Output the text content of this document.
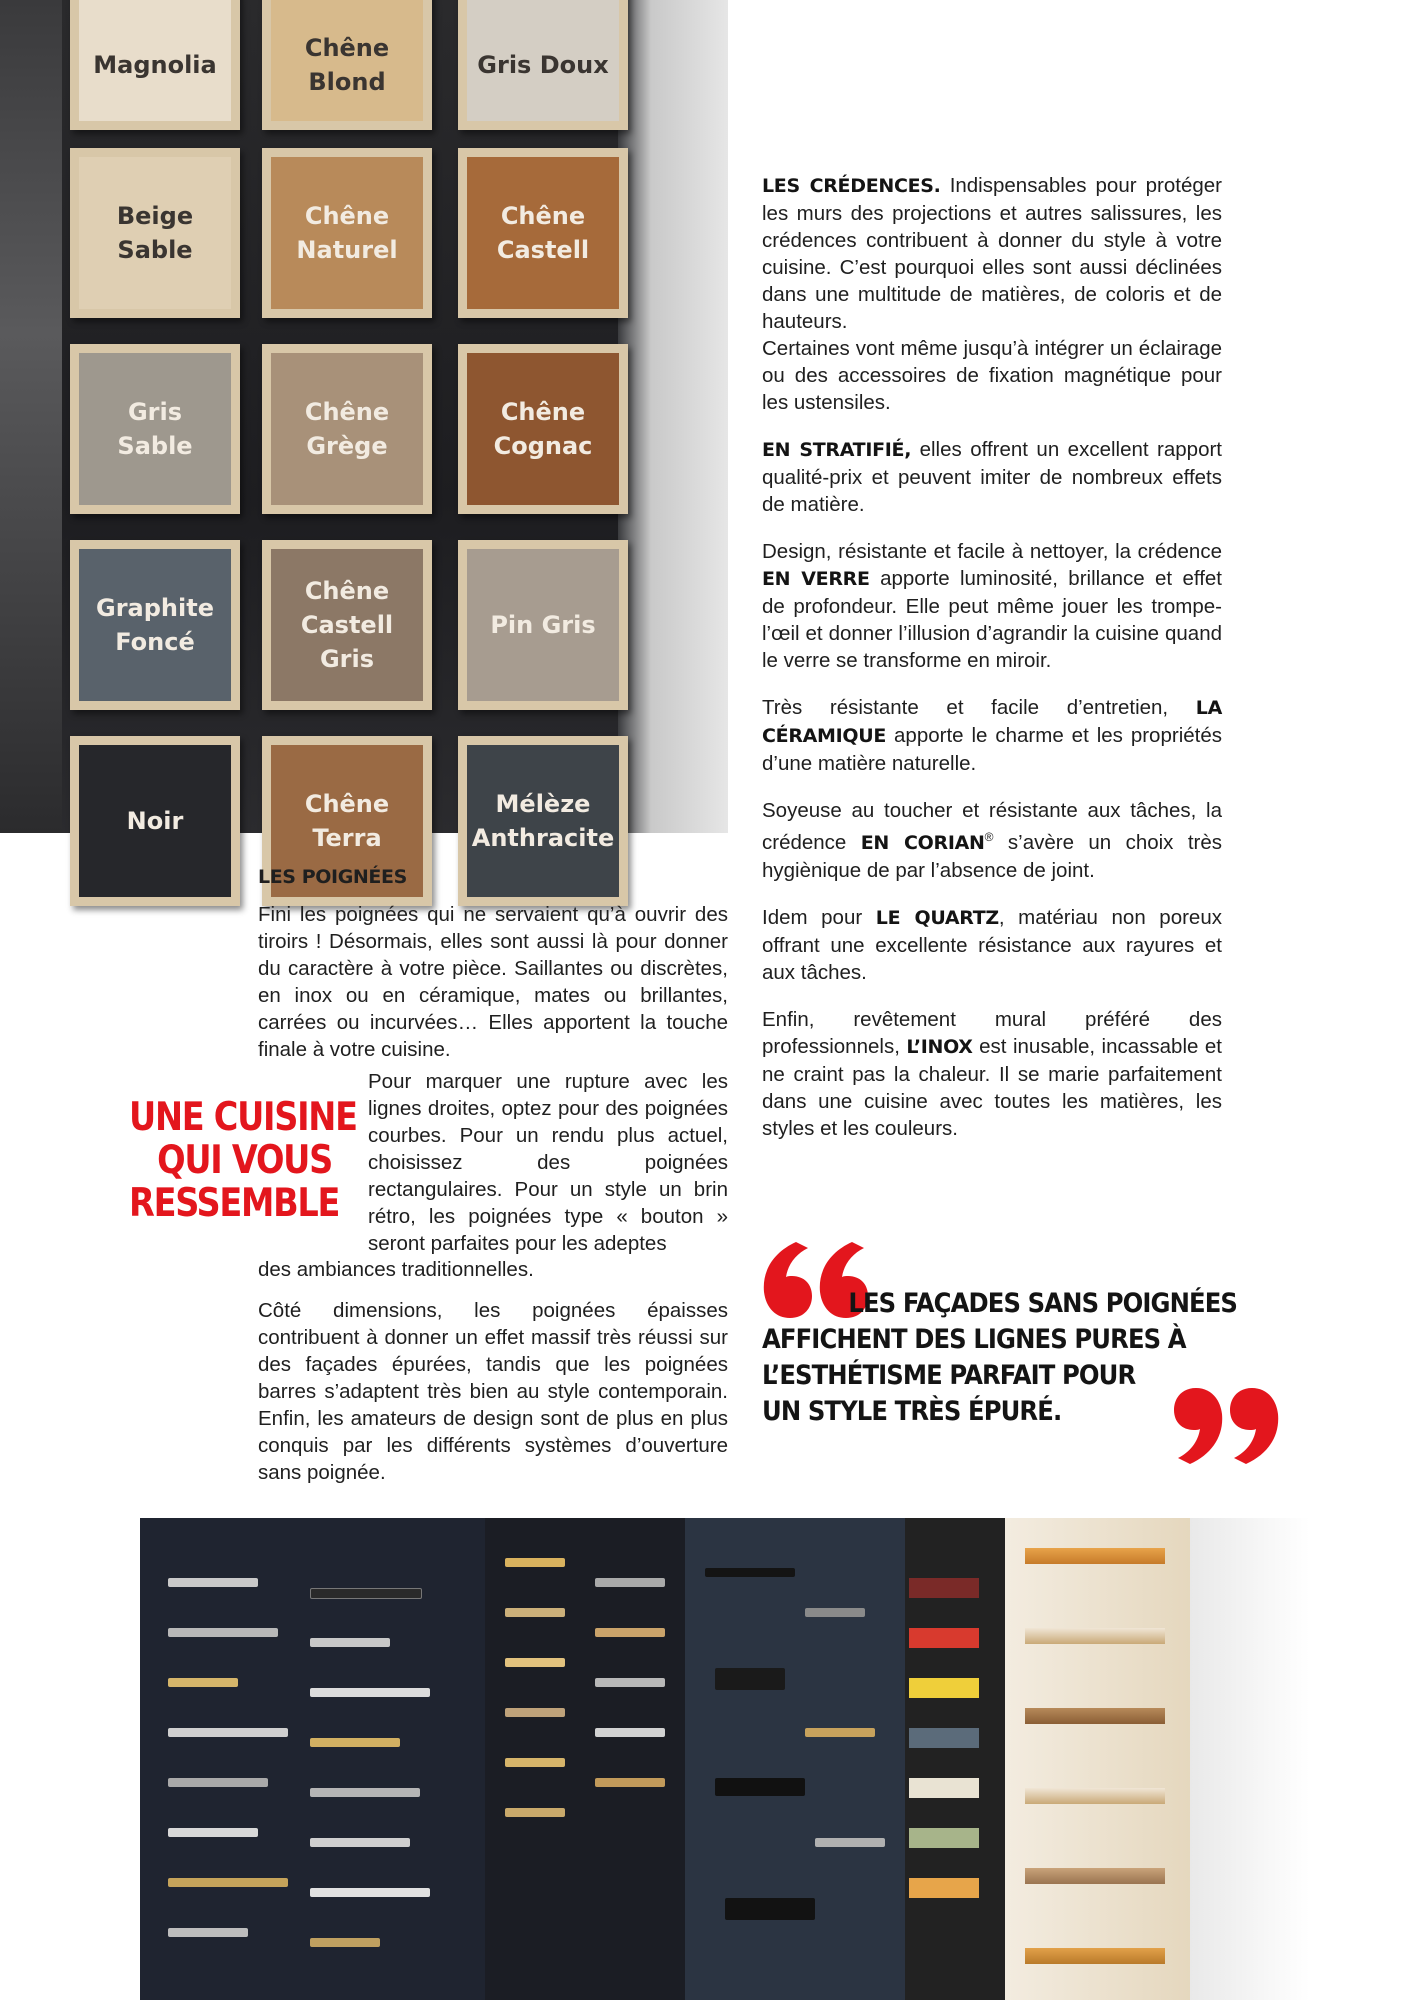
Magnolia
Chêne
Blond
Gris Doux
Beige
Sable
Chêne
Naturel
Chêne
Castell
Gris
Sable
Chêne
Grège
Chêne
Cognac
Graphite
Foncé
Chêne
Castell
Gris
Pin Gris
Noir
Chêne
Terra
Mélèze
Anthracite

LES CRÉDENCES. Indispensables pour protéger les murs des projections et autres salissures, les crédences contribuent à donner du style à votre cuisine. C’est pourquoi elles sont aussi déclinées dans une multitude de matières, de coloris et de hauteurs.
Certaines vont même jusqu’à intégrer un éclairage ou des accessoires de fixation magnétique pour les ustensiles.

EN STRATIFIÉ, elles offrent un excellent rapport qualité-prix et peuvent imiter de nombreux effets de matière.

Design, résistante et facile à nettoyer, la crédence EN VERRE apporte luminosité, brillance et effet de profondeur. Elle peut même jouer les trompe-l’œil et donner l’illusion d’agrandir la cuisine quand le verre se transforme en miroir.

Très résistante et facile d’entretien, LA CÉRAMIQUE apporte le charme et les propriétés d’une matière naturelle.

Soyeuse au toucher et résistante aux tâches, la crédence EN CORIAN® s’avère un choix très hygiènique de par l’absence de joint.

Idem pour LE QUARTZ, matériau non poreux offrant une excellente résistance aux rayures et aux tâches.

Enfin, revêtement mural préféré des professionnels, L’INOX est inusable, incassable et ne craint pas la chaleur. Il se marie parfaitement dans une cuisine avec toutes les matières, les styles et les couleurs.

LES POIGNÉES

Fini les poignées qui ne servaient qu’à ouvrir des tiroirs ! Désormais, elles sont aussi là pour donner du caractère à votre pièce. Saillantes ou discrètes, en inox ou en céramique, mates ou brillantes, carrées ou incurvées… Elles apportent la touche finale à votre cuisine.

UNE CUISINE
QUI VOUS
RESSEMBLE

Pour marquer une rupture avec les lignes droites, optez pour des poignées courbes. Pour un rendu plus actuel, choisissez des poignées rectangulaires. Pour un style un brin rétro, les poignées type « bouton » seront parfaites pour les adeptes

des ambiances traditionnelles.

Côté dimensions, les poignées épaisses contribuent à donner un effet massif très réussi sur des façades épurées, tandis que les poignées barres s’adaptent très bien au style contemporain. Enfin, les amateurs de design sont de plus en plus conquis par les différents systèmes d’ouverture sans poignée.

LES FAÇADES SANS POIGNÉES
AFFICHENT DES LIGNES PURES À
L’ESTHÉTISME PARFAIT POUR
UN STYLE TRÈS ÉPURÉ.
